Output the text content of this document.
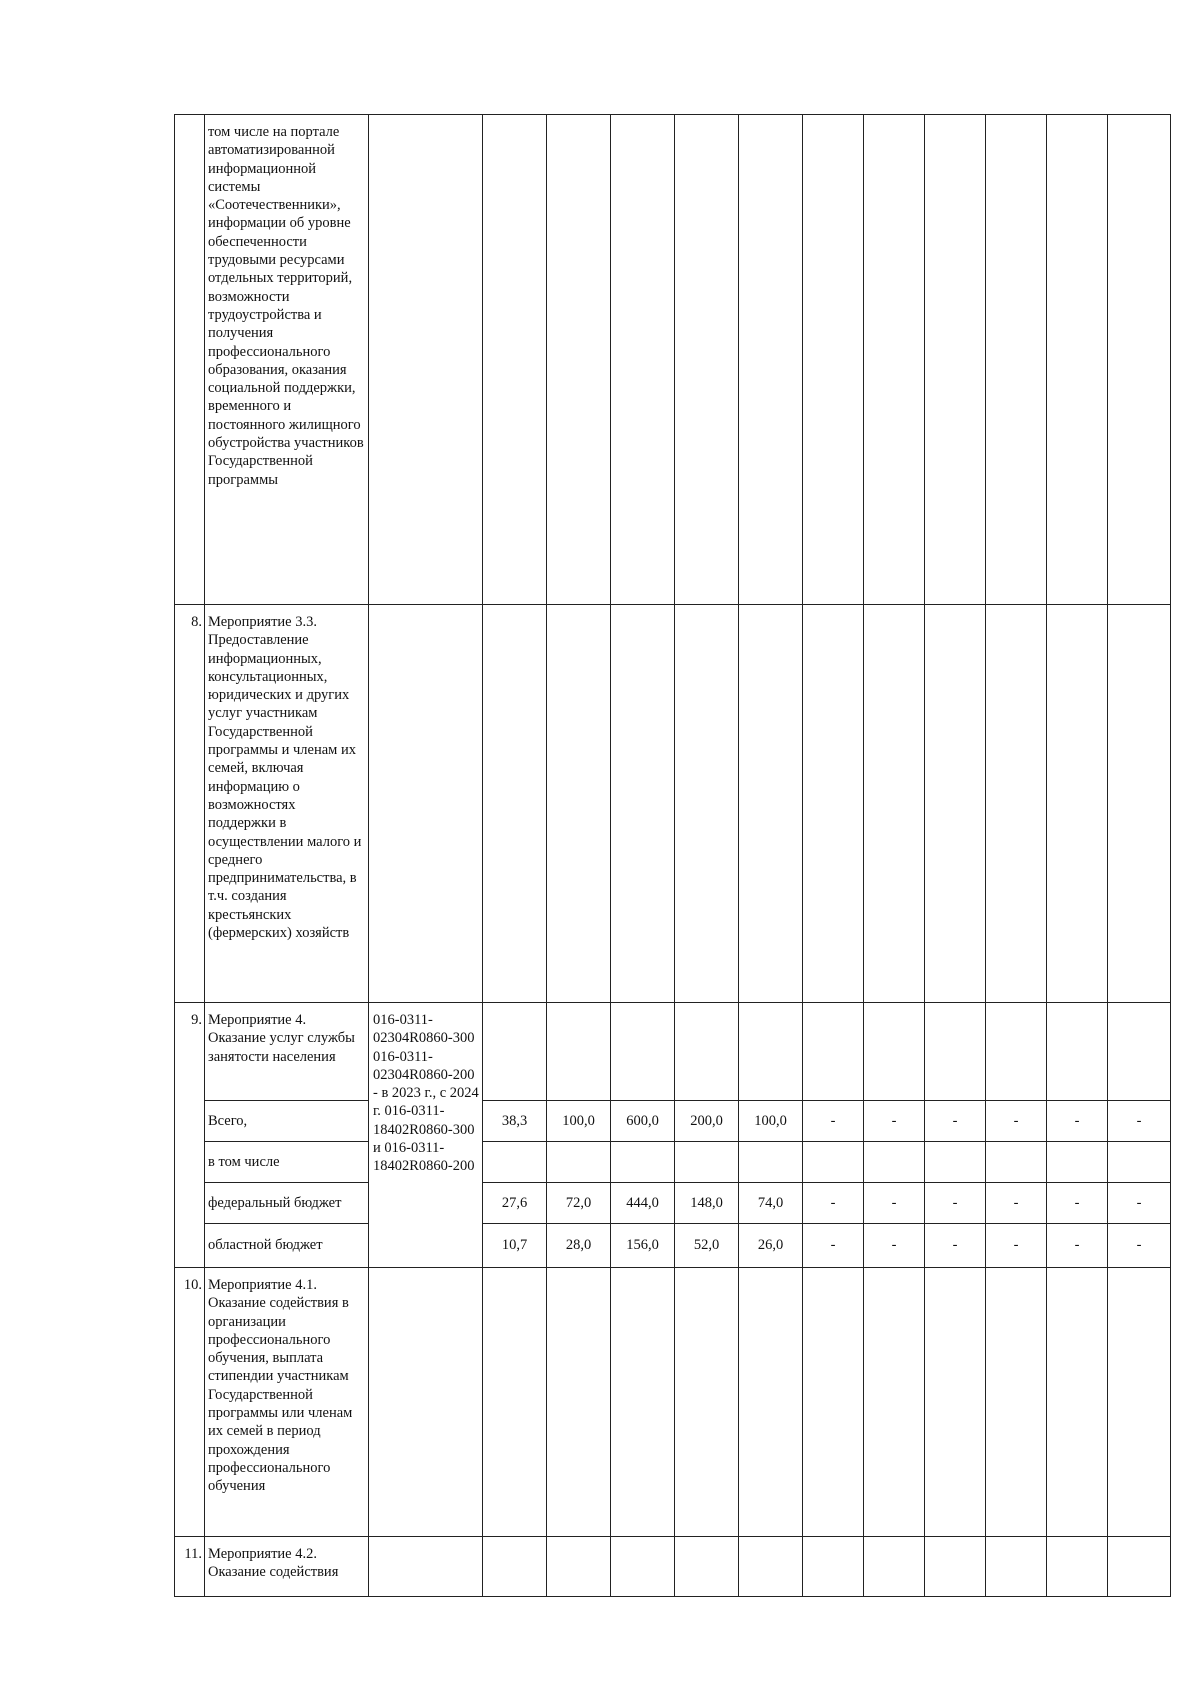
	том числе на портале автоматизированной информационной системы «Соотечественники», информации об уровне обеспеченности трудовыми ресурсами отдельных территорий, возможности трудоустройства и получения профессионального образования, оказания социальной поддержки, временного и постоянного жилищного обустройства участников Государственной программы												
8.	Мероприятие 3.3. Предоставление информационных, консультационных, юридических и других услуг участникам Государственной программы и членам их семей, включая информацию о возможностях поддержки в осуществлении малого и среднего предпринимательства, в т.ч. создания крестьянских (фермерских) хозяйств												
9.	Мероприятие 4. Оказание услуг службы занятости населения	016-0311-02304R0860-300 016-0311-02304R0860-200 - в 2023 г., с 2024 г. 016-0311-18402R0860-300 и 016-0311-18402R0860-200											
	Всего,		38,3	100,0	600,0	200,0	100,0	-	-	-	-	-	-
	в том числе												
	федеральный бюджет		27,6	72,0	444,0	148,0	74,0	-	-	-	-	-	-
	областной бюджет		10,7	28,0	156,0	52,0	26,0	-	-	-	-	-	-
10.	Мероприятие 4.1. Оказание содействия в организации профессионального обучения, выплата стипендии участникам Государственной программы или членам их семей в период прохождения профессионального обучения												
11.	Мероприятие 4.2. Оказание содействия												
